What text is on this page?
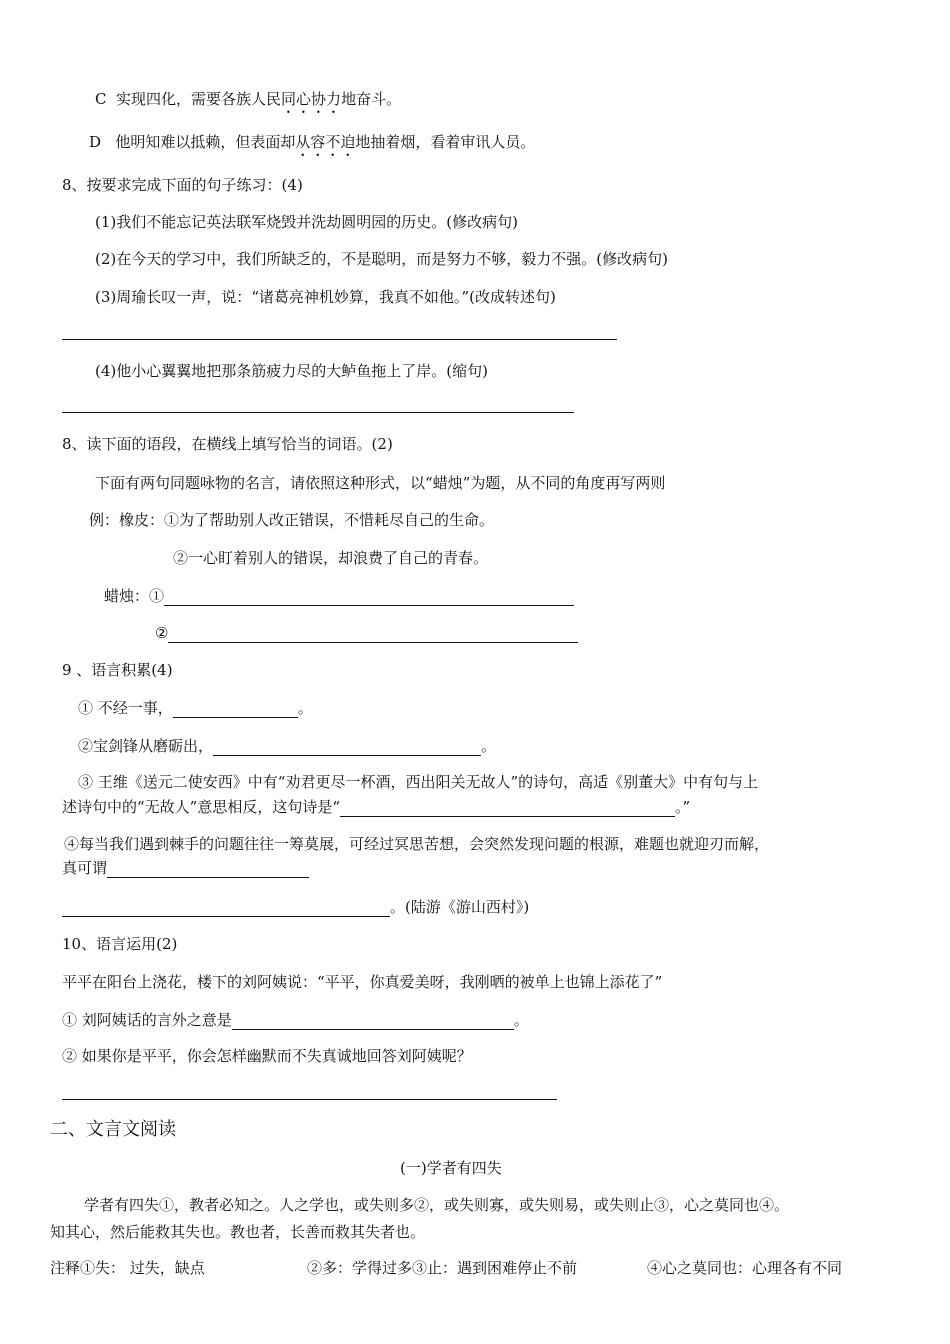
C 实现四化，需要各族人民同心协力地奋斗。
D 他明知难以抵赖，但表面却从容不迫地抽着烟，看着审讯人员。
8、按要求完成下面的句子练习：(4)
(1)我们不能忘记英法联军烧毁并洗劫圆明园的历史。(修改病句)
(2)在今天的学习中，我们所缺乏的，不是聪明，而是努力不够，毅力不强。(修改病句)
(3)周瑜长叹一声，说：“诸葛亮神机妙算，我真不如他。”(改成转述句)
(4)他小心翼翼地把那条筋疲力尽的大鲈鱼拖上了岸。(缩句)
8、读下面的语段，在横线上填写恰当的词语。(2)
下面有两句同题咏物的名言，请依照这种形式，以“蜡烛”为题，从不同的角度再写两则
例：橡皮：①为了帮助别人改正错误，不惜耗尽自己的生命。
②一心盯着别人的错误，却浪费了自己的青春。
蜡烛：①
②
9 、语言积累(4)
① 不经一事，	。
②宝剑锋从磨砺出，	。
③ 王维《送元二使安西》中有“劝君更尽一杯酒，西出阳关无故人”的诗句，高适《别董大》中有句与上
述诗句中的“无故人”意思相反，这句诗是“	。”
④每当我们遇到棘手的问题往往一筹莫展，可经过冥思苦想，会突然发现问题的根源，难题也就迎刃而解，
真可谓
。(陆游《游山西村》)
10、语言运用(2)
平平在阳台上浇花，楼下的刘阿姨说：“平平，你真爱美呀，我刚晒的被单上也锦上添花了”
① 刘阿姨话的言外之意是	。
② 如果你是平平，你会怎样幽默而不失真诚地回答刘阿姨呢？
二、文言文阅读
(一)学者有四失
学者有四失①，教者必知之。人之学也，或失则多②，或失则寡，或失则易，或失则止③，心之莫同也④。
知其心，然后能救其失也。教也者，长善而救其失者也。
注释①失： 过失，缺点	②多：学得过多③止：遇到困难停止不前	④心之莫同也：心理各有不同
